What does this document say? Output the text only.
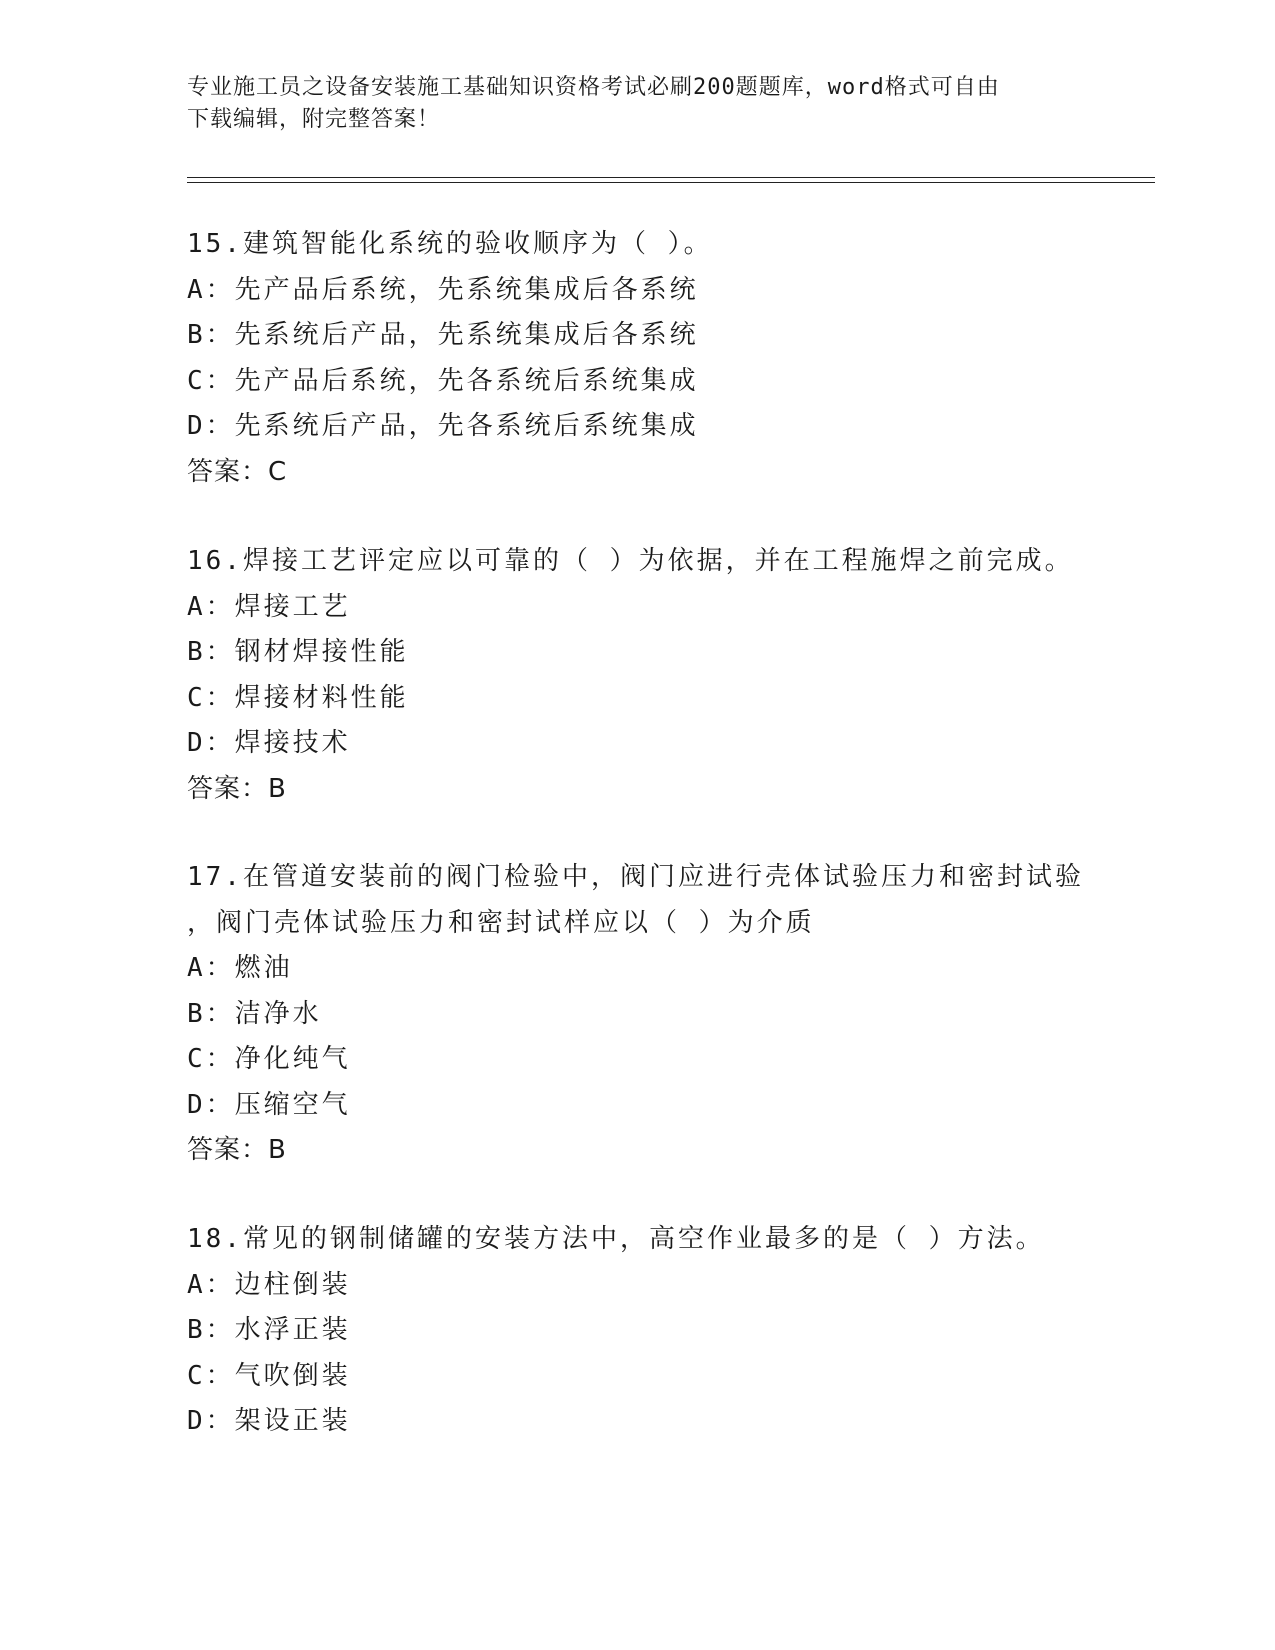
专业施工员之设备安装施工基础知识资格考试必刷200题题库，word格式可自由
下载编辑，附完整答案！
15.建筑智能化系统的验收顺序为（ ）。
A：先产品后系统，先系统集成后各系统
B：先系统后产品，先系统集成后各系统
C：先产品后系统，先各系统后系统集成
D：先系统后产品，先各系统后系统集成
答案：C
16.焊接工艺评定应以可靠的（ ）为依据，并在工程施焊之前完成。
A：焊接工艺
B：钢材焊接性能
C：焊接材料性能
D：焊接技术
答案：B
17.在管道安装前的阀门检验中，阀门应进行壳体试验压力和密封试验
，阀门壳体试验压力和密封试样应以（ ）为介质
A：燃油
B：洁净水
C：净化纯气
D：压缩空气
答案：B
18.常见的钢制储罐的安装方法中，高空作业最多的是（ ）方法。
A：边柱倒装
B：水浮正装
C：气吹倒装
D：架设正装
